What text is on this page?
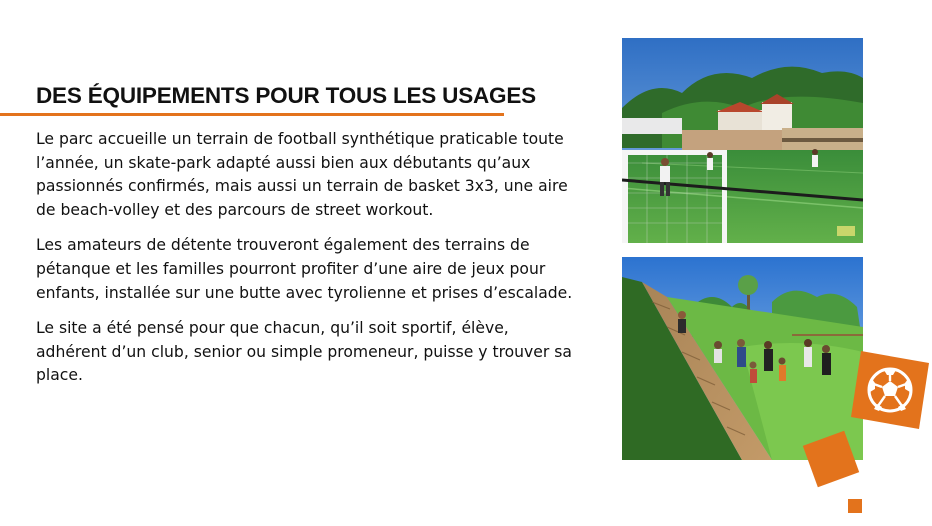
DES ÉQUIPEMENTS POUR TOUS LES USAGES

Le parc accueille un terrain de football synthétique praticable toute l’année, un skate-park adapté aussi bien aux débutants qu’aux passionnés confirmés, mais aussi un terrain de basket 3x3, une aire de beach-volley et des parcours de street workout.

Les amateurs de détente trouveront également des terrains de pétanque et les familles pourront profiter d’une aire de jeux pour enfants, installée sur une butte avec tyrolienne et prises d’escalade.

Le site a été pensé pour que chacun, qu’il soit sportif, élève, adhérent d’un club, senior ou simple promeneur, puisse y trouver sa place.
